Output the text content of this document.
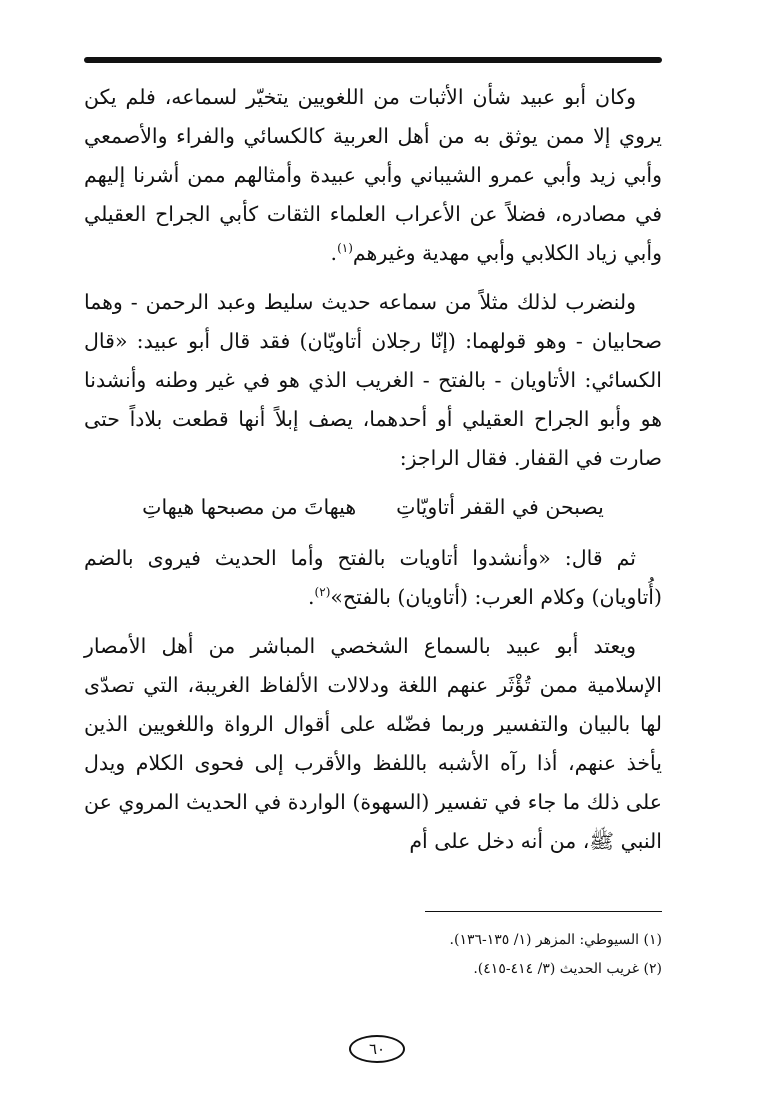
وكان أبو عبيد شأن الأثبات من اللغويين يتخيّر لسماعه، فلم يكن يروي إلا ممن يوثق به من أهل العربية كالكسائي والفراء والأصمعي وأبي زيد وأبي عمرو الشيباني وأبي عبيدة وأمثالهم ممن أشرنا إليهم في مصادره، فضلاً عن الأعراب العلماء الثقات كأبي الجراح العقيلي وأبي زياد الكلابي وأبي مهدية وغيرهم$^{(١)}$.

ولنضرب لذلك مثلاً من سماعه حديث سليط وعبد الرحمن - وهما صحابيان - وهو قولهما: (إنّا رجلان أتاويّان) فقد قال أبو عبيد: «قال الكسائي: الأتاويان - بالفتح - الغريب الذي هو في غير وطنه وأنشدنا هو وأبو الجراح العقيلي أو أحدهما، يصف إبلاً أنها قطعت بلاداً حتى صارت في القفار. فقال الراجز:

يصبحن في القفر أتاويّاتِ
هيهاتَ من مصبحها هيهاتِ

ثم قال: «وأنشدوا أتاويات بالفتح وأما الحديث فيروى بالضم (أُتاويان) وكلام العرب: (أتاويان) بالفتح»$^{(٢)}$.

ويعتد أبو عبيد بالسماع الشخصي المباشر من أهل الأمصار الإسلامية ممن تُؤْثَر عنهم اللغة ودلالات الألفاظ الغريبة، التي تصدّى لها بالبيان والتفسير وربما فضّله على أقوال الرواة واللغويين الذين يأخذ عنهم، أذا رآه الأشبه باللفظ والأقرب إلى فحوى الكلام ويدل على ذلك ما جاء في تفسير (السهوة) الواردة في الحديث المروي عن النبي ﷺ، من أنه دخل على أم

(١) السيوطي: المزهر (١/ ١٣٥-١٣٦).
(٢) غريب الحديث (٣/ ٤١٤-٤١٥).
٦٠
